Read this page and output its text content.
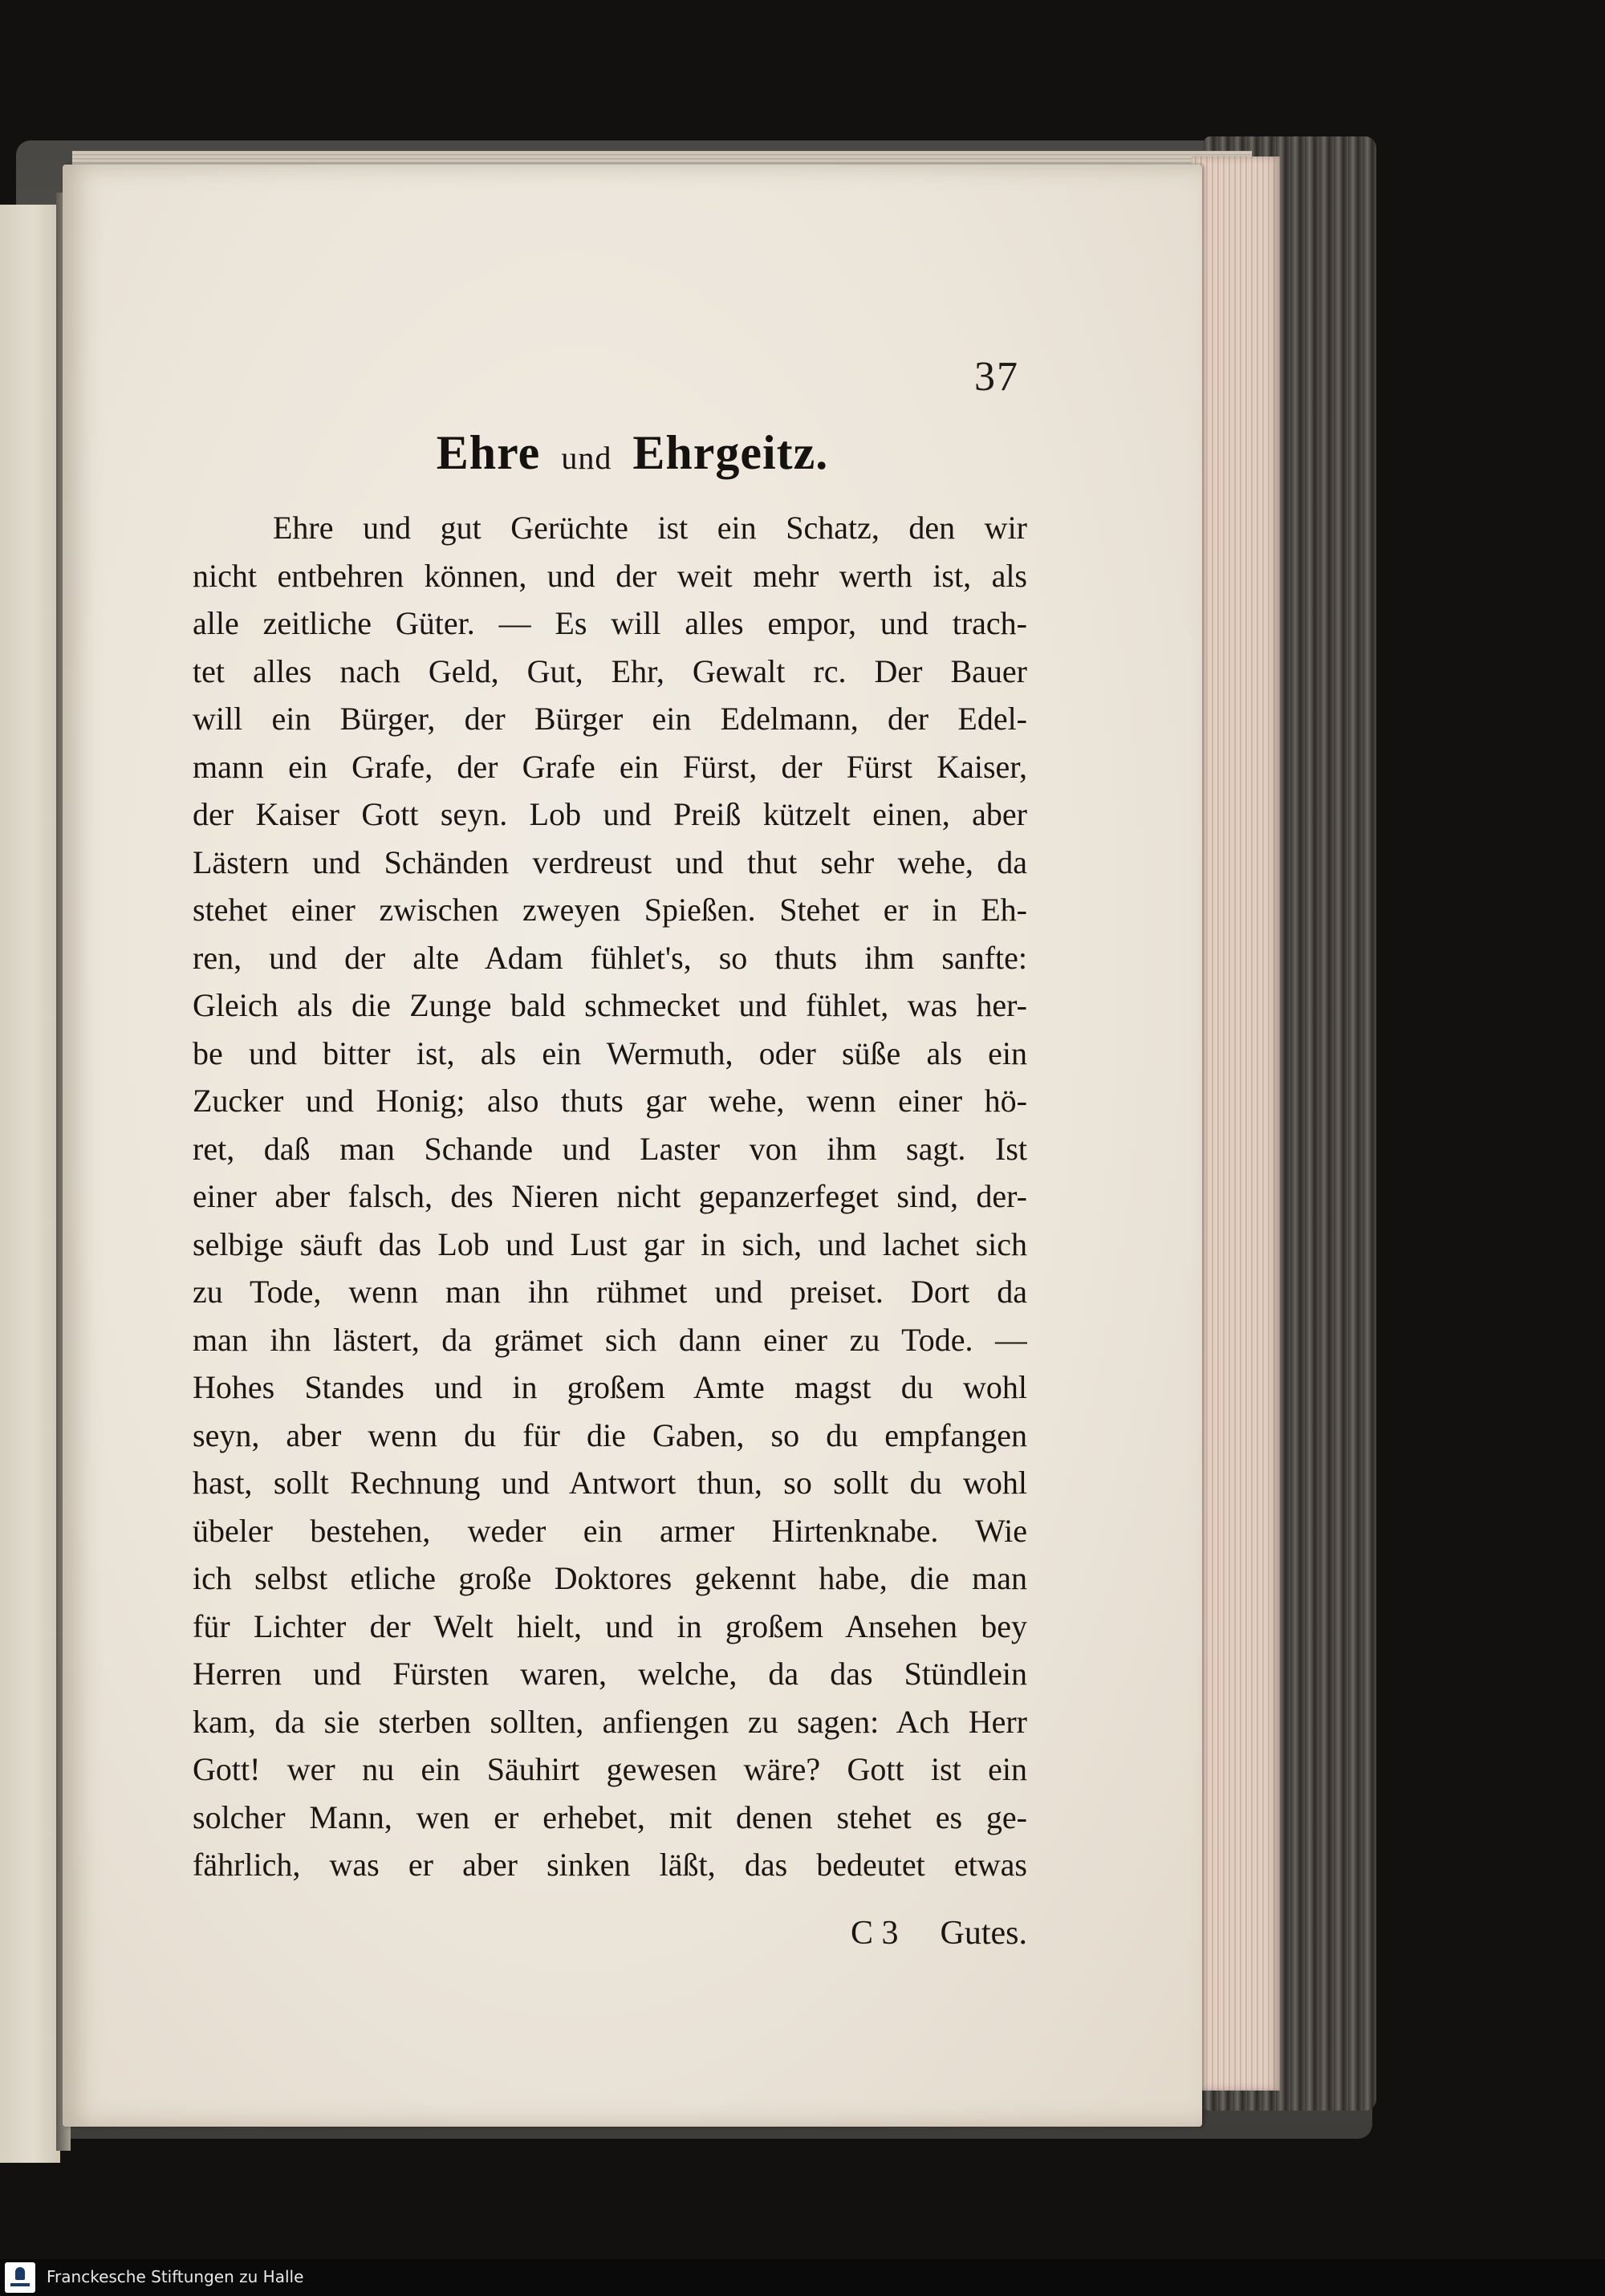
37
Ehre und Ehrgeitz.
Ehre und gut Gerüchte ist ein Schatz, den wir
nicht entbehren können, und der weit mehr werth ist, als
alle zeitliche Güter. — Es will alles empor, und trach-
tet alles nach Geld, Gut, Ehr, Gewalt rc. Der Bauer
will ein Bürger, der Bürger ein Edelmann, der Edel-
mann ein Grafe, der Grafe ein Fürst, der Fürst Kaiser,
der Kaiser Gott seyn. Lob und Preiß kützelt einen, aber
Lästern und Schänden verdreust und thut sehr wehe, da
stehet einer zwischen zweyen Spießen. Stehet er in Eh-
ren, und der alte Adam fühlet's, so thuts ihm sanfte:
Gleich als die Zunge bald schmecket und fühlet, was her-
be und bitter ist, als ein Wermuth, oder süße als ein
Zucker und Honig; also thuts gar wehe, wenn einer hö-
ret, daß man Schande und Laster von ihm sagt. Ist
einer aber falsch, des Nieren nicht gepanzerfeget sind, der-
selbige säuft das Lob und Lust gar in sich, und lachet sich
zu Tode, wenn man ihn rühmet und preiset. Dort da
man ihn lästert, da grämet sich dann einer zu Tode. —
Hohes Standes und in großem Amte magst du wohl
seyn, aber wenn du für die Gaben, so du empfangen
hast, sollt Rechnung und Antwort thun, so sollt du wohl
übeler bestehen, weder ein armer Hirtenknabe. Wie
ich selbst etliche große Doktores gekennt habe, die man
für Lichter der Welt hielt, und in großem Ansehen bey
Herren und Fürsten waren, welche, da das Stündlein
kam, da sie sterben sollten, anfiengen zu sagen: Ach Herr
Gott! wer nu ein Säuhirt gewesen wäre? Gott ist ein
solcher Mann, wen er erhebet, mit denen stehet es ge-
fährlich, was er aber sinken läßt, das bedeutet etwas
C 3 Gutes.
Franckesche Stiftungen zu Halle
